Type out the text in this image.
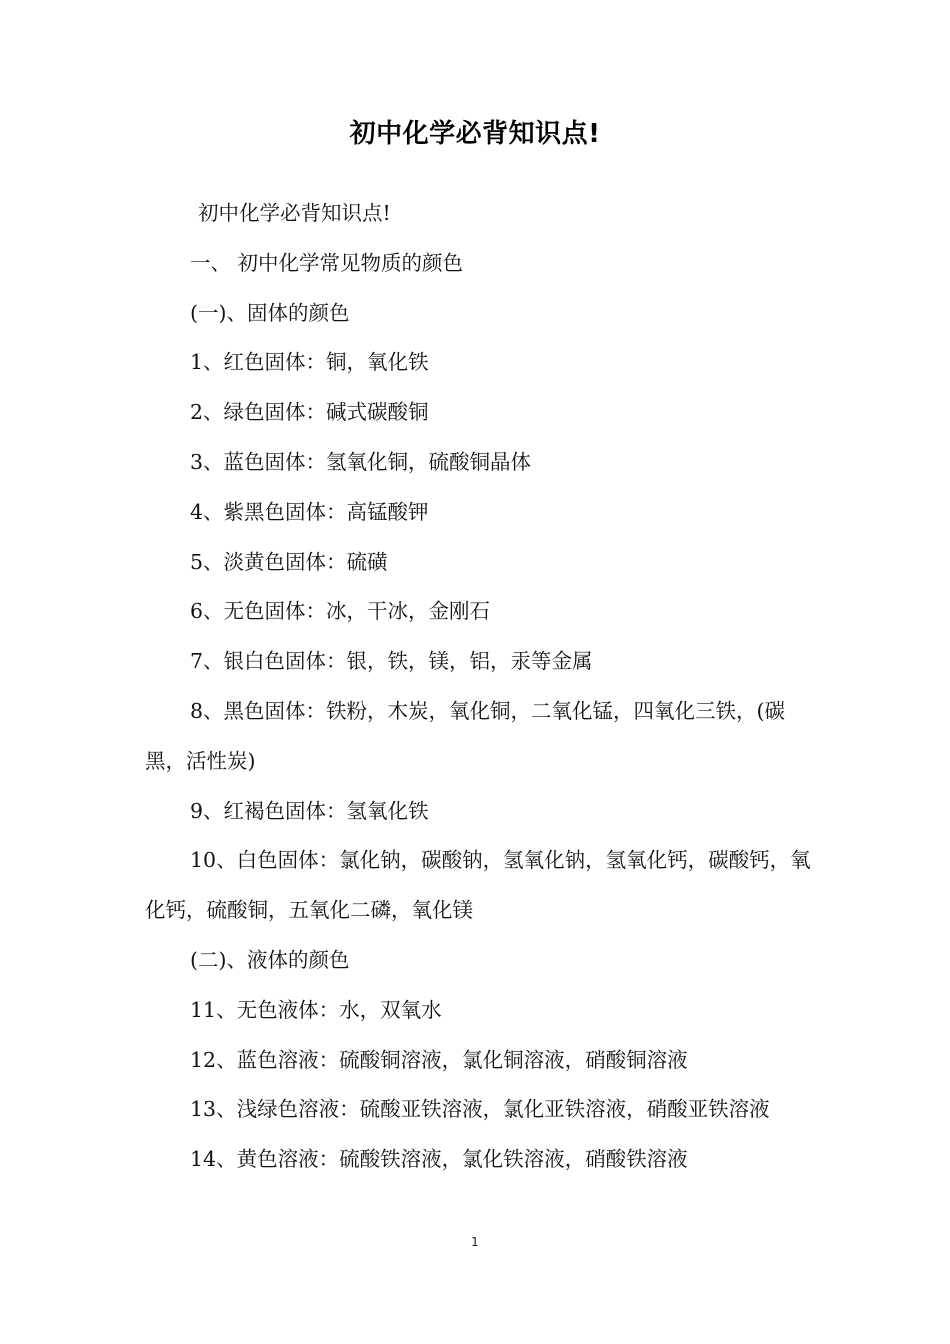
初中化学必背知识点!
初中化学必背知识点!
一、 初中化学常见物质的颜色
(一)、固体的颜色
1、红色固体：铜，氧化铁
2、绿色固体：碱式碳酸铜
3、蓝色固体：氢氧化铜，硫酸铜晶体
4、紫黑色固体：高锰酸钾
5、淡黄色固体：硫磺
6、无色固体：冰，干冰，金刚石
7、银白色固体：银，铁，镁，铝，汞等金属
8、黑色固体：铁粉，木炭，氧化铜，二氧化锰，四氧化三铁，(碳黑，活性炭)
9、红褐色固体：氢氧化铁
10、白色固体：氯化钠，碳酸钠，氢氧化钠，氢氧化钙，碳酸钙，氧化钙，硫酸铜，五氧化二磷，氧化镁
(二)、液体的颜色
11、无色液体：水，双氧水
12、蓝色溶液：硫酸铜溶液，氯化铜溶液，硝酸铜溶液
13、浅绿色溶液：硫酸亚铁溶液，氯化亚铁溶液，硝酸亚铁溶液
14、黄色溶液：硫酸铁溶液，氯化铁溶液，硝酸铁溶液
1
